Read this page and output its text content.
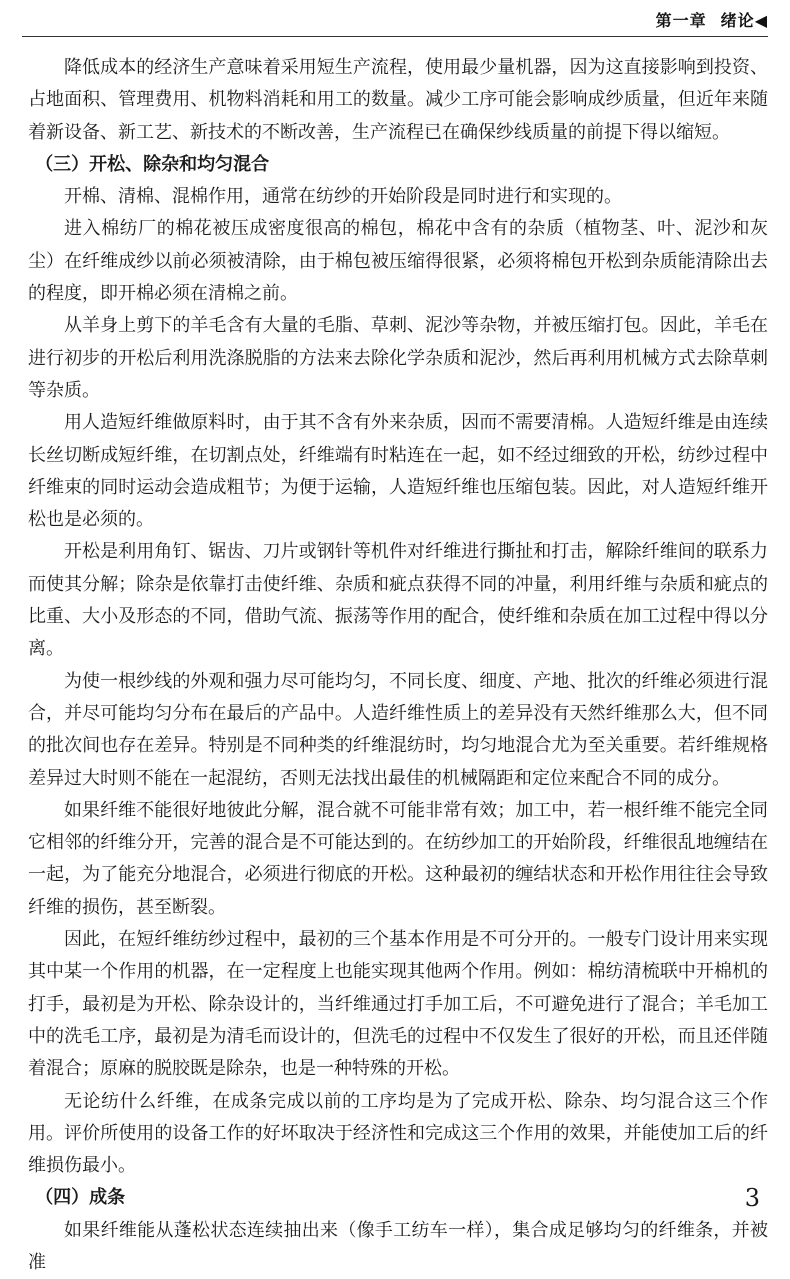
第一章 绪论◀

降低成本的经济生产意味着采用短生产流程，使用最少量机器，因为这直接影响到投资、占地面积、管理费用、机物料消耗和用工的数量。减少工序可能会影响成纱质量，但近年来随着新设备、新工艺、新技术的不断改善，生产流程已在确保纱线质量的前提下得以缩短。

（三）开松、除杂和均匀混合

开棉、清棉、混棉作用，通常在纺纱的开始阶段是同时进行和实现的。

进入棉纺厂的棉花被压成密度很高的棉包，棉花中含有的杂质（植物茎、叶、泥沙和灰尘）在纤维成纱以前必须被清除，由于棉包被压缩得很紧，必须将棉包开松到杂质能清除出去的程度，即开棉必须在清棉之前。

从羊身上剪下的羊毛含有大量的毛脂、草刺、泥沙等杂物，并被压缩打包。因此，羊毛在进行初步的开松后利用洗涤脱脂的方法来去除化学杂质和泥沙，然后再利用机械方式去除草刺等杂质。

用人造短纤维做原料时，由于其不含有外来杂质，因而不需要清棉。人造短纤维是由连续长丝切断成短纤维，在切割点处，纤维端有时粘连在一起，如不经过细致的开松，纺纱过程中纤维束的同时运动会造成粗节；为便于运输，人造短纤维也压缩包装。因此，对人造短纤维开松也是必须的。

开松是利用角钉、锯齿、刀片或钢针等机件对纤维进行撕扯和打击，解除纤维间的联系力而使其分解；除杂是依靠打击使纤维、杂质和疵点获得不同的冲量，利用纤维与杂质和疵点的比重、大小及形态的不同，借助气流、振荡等作用的配合，使纤维和杂质在加工过程中得以分离。

为使一根纱线的外观和强力尽可能均匀，不同长度、细度、产地、批次的纤维必须进行混合，并尽可能均匀分布在最后的产品中。人造纤维性质上的差异没有天然纤维那么大，但不同的批次间也存在差异。特别是不同种类的纤维混纺时，均匀地混合尤为至关重要。若纤维规格差异过大时则不能在一起混纺，否则无法找出最佳的机械隔距和定位来配合不同的成分。

如果纤维不能很好地彼此分解，混合就不可能非常有效；加工中，若一根纤维不能完全同它相邻的纤维分开，完善的混合是不可能达到的。在纺纱加工的开始阶段，纤维很乱地缠结在一起，为了能充分地混合，必须进行彻底的开松。这种最初的缠结状态和开松作用往往会导致纤维的损伤，甚至断裂。

因此，在短纤维纺纱过程中，最初的三个基本作用是不可分开的。一般专门设计用来实现其中某一个作用的机器，在一定程度上也能实现其他两个作用。例如：棉纺清梳联中开棉机的打手，最初是为开松、除杂设计的，当纤维通过打手加工后，不可避免进行了混合；羊毛加工中的洗毛工序，最初是为清毛而设计的，但洗毛的过程中不仅发生了很好的开松，而且还伴随着混合；原麻的脱胶既是除杂，也是一种特殊的开松。

无论纺什么纤维，在成条完成以前的工序均是为了完成开松、除杂、均匀混合这三个作用。评价所使用的设备工作的好坏取决于经济性和完成这三个作用的效果，并能使加工后的纤维损伤最小。

（四）成条

如果纤维能从蓬松状态连续抽出来（像手工纺车一样），集合成足够均匀的纤维条，并被准

3
